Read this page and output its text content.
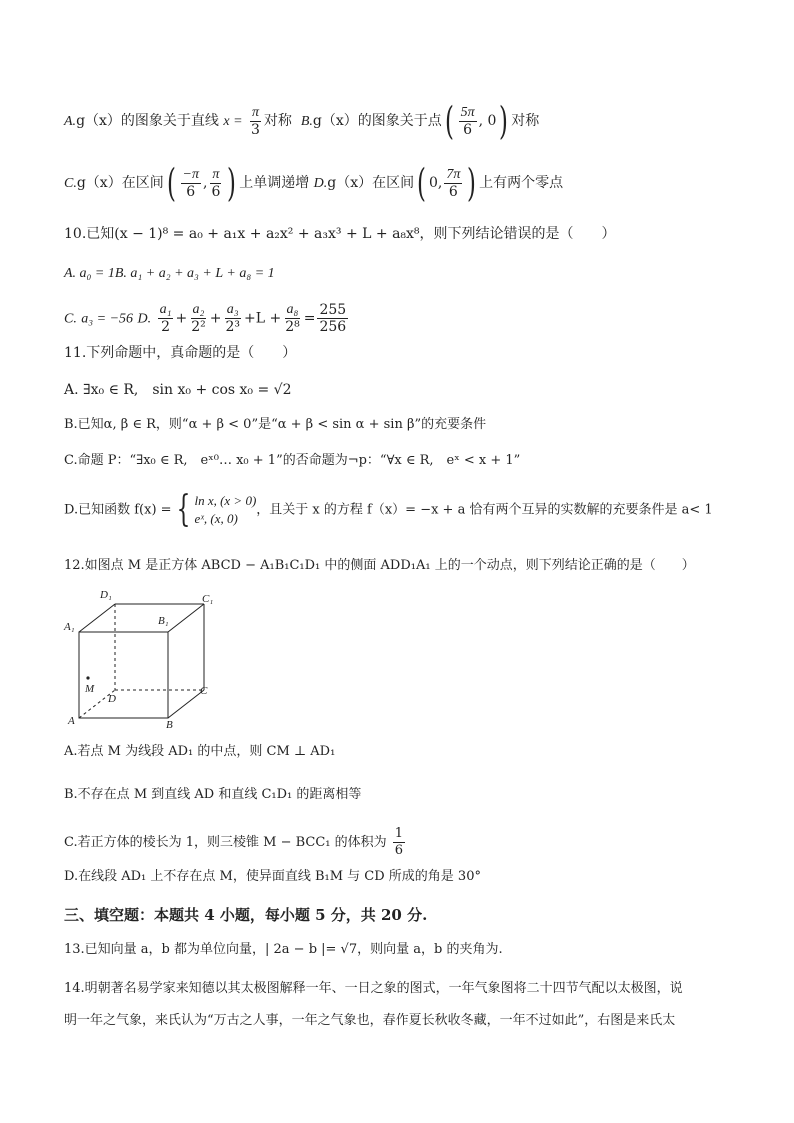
A.g（x）的图象关于直线 $x = \frac{\pi}{3}$ 对称 B.g（x）的图象关于点( $\frac{5\pi}{6}$ , 0) 对称
C.g（x）在区间( $\frac{-\pi}{6}$ , $\frac{\pi}{6}$ ) 上单调递增 D.g（x）在区间( 0, $\frac{7\pi}{6}$ ) 上有两个零点
10.已知(x − 1)⁸ = a₀ + a₁x + a₂x² + a₃x³ + L + a₈x⁸，则下列结论错误的是（　　）
A. a₀ = 1B. a₁ + a₂ + a₃ + L + a₈ = 1
C. a₃ = −56 D. $\frac{\text{a₁}}{2} + \frac{\text{a₂}}{\text{2²}} + \frac{\text{a₃}}{\text{2³}} +L + \frac{\text{a₈}}{\text{2⁸}} = \frac{255}{256}$
11.下列命题中，真命题的是（　　）
A. ∃x₀ ∈ R,　sin x₀ + cos x₀ = √2
B.已知α, β ∈ R，则“α + β < 0”是“α + β < sin α + sin β”的充要条件
C.命题 P：“∃x₀ ∈ R,　eˣ⁰… x₀ + 1”的否命题为¬p：“∀x ∈ R,　eˣ < x + 1”
D.已知函数 f(x) = { ln x, (x > 0)
eˣ, (x, 0)
，且关于 x 的方程 f（x）= −x + a 恰有两个互异的实数解的充要条件是 a< 1
12.如图点 M 是正方体 ABCD − A₁B₁C₁D₁ 中的侧面 ADD₁A₁ 上的一个动点，则下列结论正确的是（　　）
D₁	C₁
A₁	B₁
M
D
C
A	B
A.若点 M 为线段 AD₁ 的中点，则 CM ⊥ AD₁
B.不存在点 M 到直线 AD 和直线 C₁D₁ 的距离相等
C.若正方体的棱长为 1，则三棱锥 M − BCC₁ 的体积为 $\frac{1}{6}$
D.在线段 AD₁ 上不存在点 M，使异面直线 B₁M 与 CD 所成的角是 30°
三、填空题：本题共 4 小题，每小题 5 分，共 20 分.
13.已知向量 a，b 都为单位向量，| 2a − b |= √7，则向量 a，b 的夹角为.
14.明朝著名易学家来知德以其太极图解释一年、一日之象的图式，一年气象图将二十四节气配以太极图，说
明一年之气象，来氏认为“万古之人事，一年之气象也，春作夏长秋收冬藏，一年不过如此”，右图是来氏太
